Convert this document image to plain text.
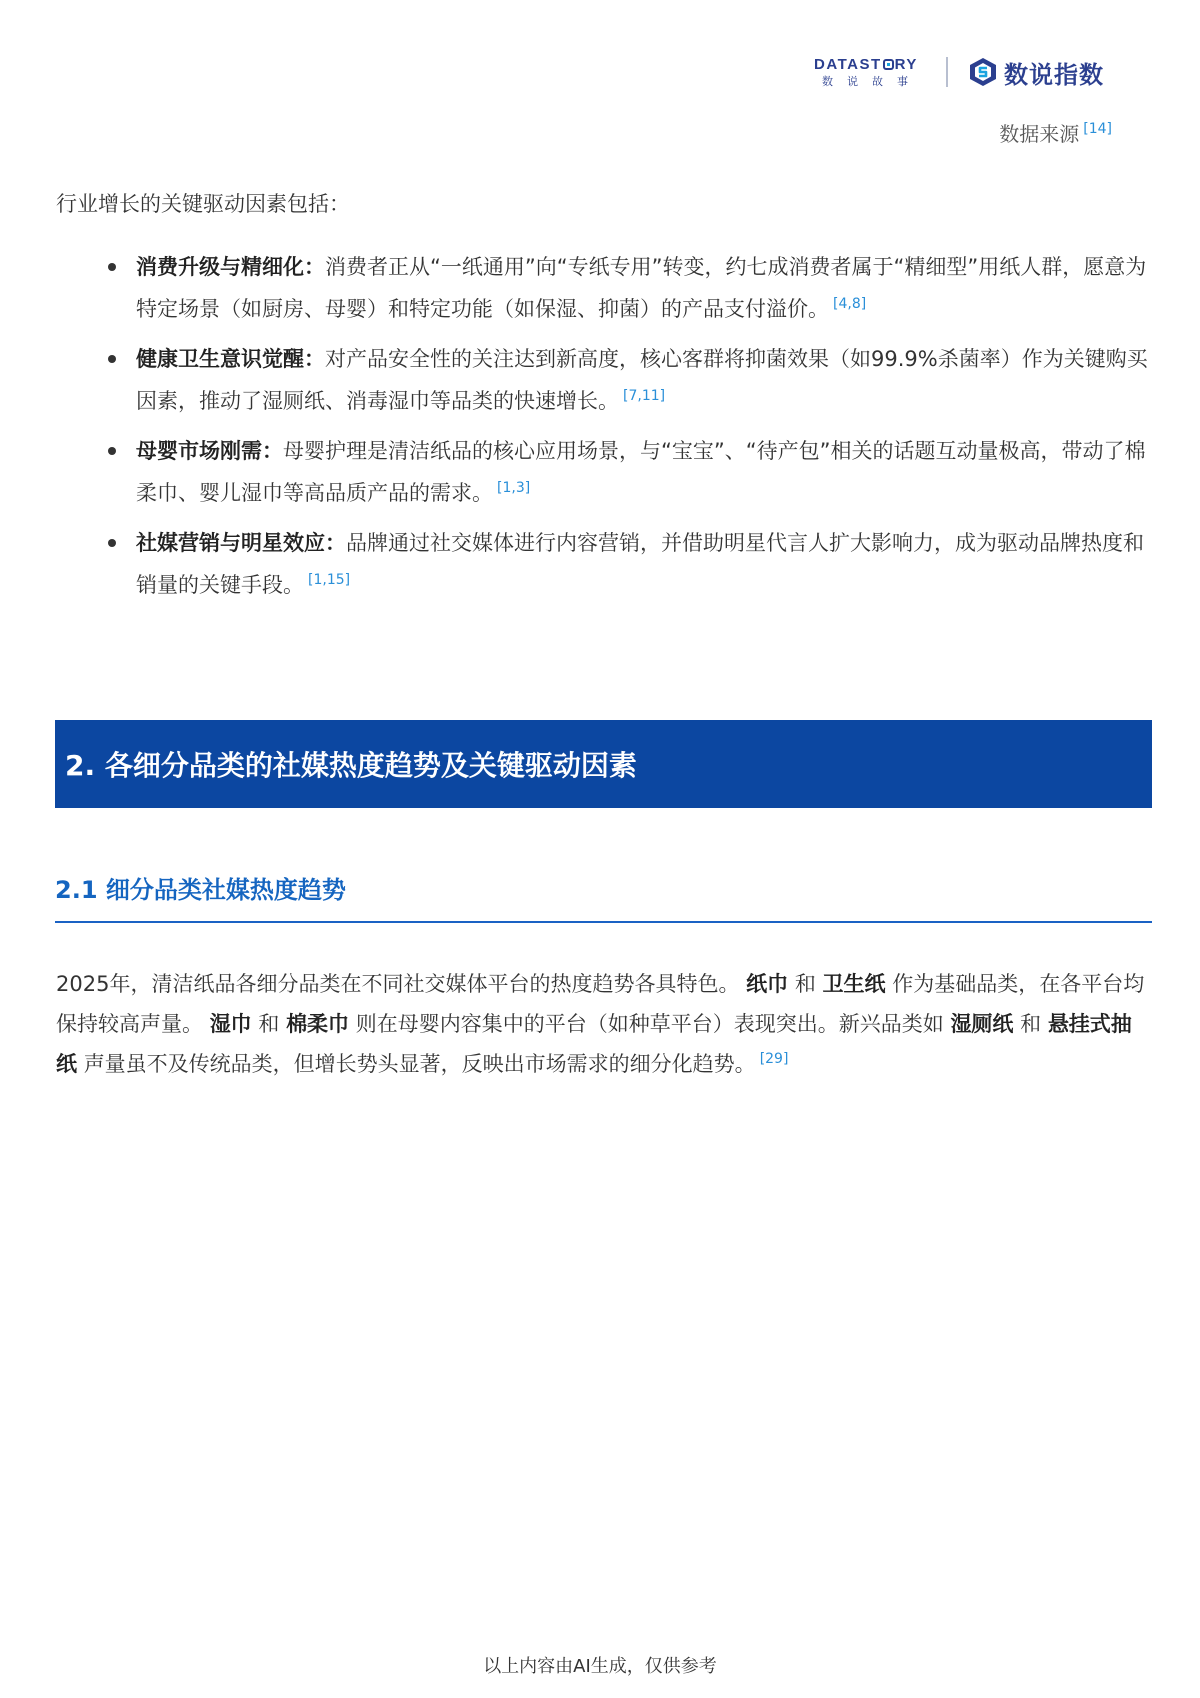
DATAST RY
数说故事	数说指数
数据来源 [14]
行业增长的关键驱动因素包括：
消费升级与精细化：消费者正从“一纸通用”向“专纸专用”转变，约七成消费者属于“精细型”用纸人群，愿意为特定场景（如厨房、母婴）和特定功能（如保湿、抑菌）的产品支付溢价。 [4,8]
健康卫生意识觉醒：对产品安全性的关注达到新高度，核心客群将抑菌效果（如99.9%杀菌率）作为关键购买因素，推动了湿厕纸、消毒湿巾等品类的快速增长。 [7,11]
母婴市场刚需：母婴护理是清洁纸品的核心应用场景，与“宝宝”、“待产包”相关的话题互动量极高，带动了棉柔巾、婴儿湿巾等高品质产品的需求。 [1,3]
社媒营销与明星效应：品牌通过社交媒体进行内容营销，并借助明星代言人扩大影响力，成为驱动品牌热度和销量的关键手段。 [1,15]
2. 各细分品类的社媒热度趋势及关键驱动因素
2.1 细分品类社媒热度趋势

2025年，清洁纸品各细分品类在不同社交媒体平台的热度趋势各具特色。 纸巾 和 卫生纸 作为基础品类，在各平台均保持较高声量。 湿巾 和 棉柔巾 则在母婴内容集中的平台（如种草平台）表现突出。新兴品类如 湿厕纸 和 悬挂式抽纸 声量虽不及传统品类，但增长势头显著，反映出市场需求的细分化趋势。 [29]

以上内容由AI生成，仅供参考
